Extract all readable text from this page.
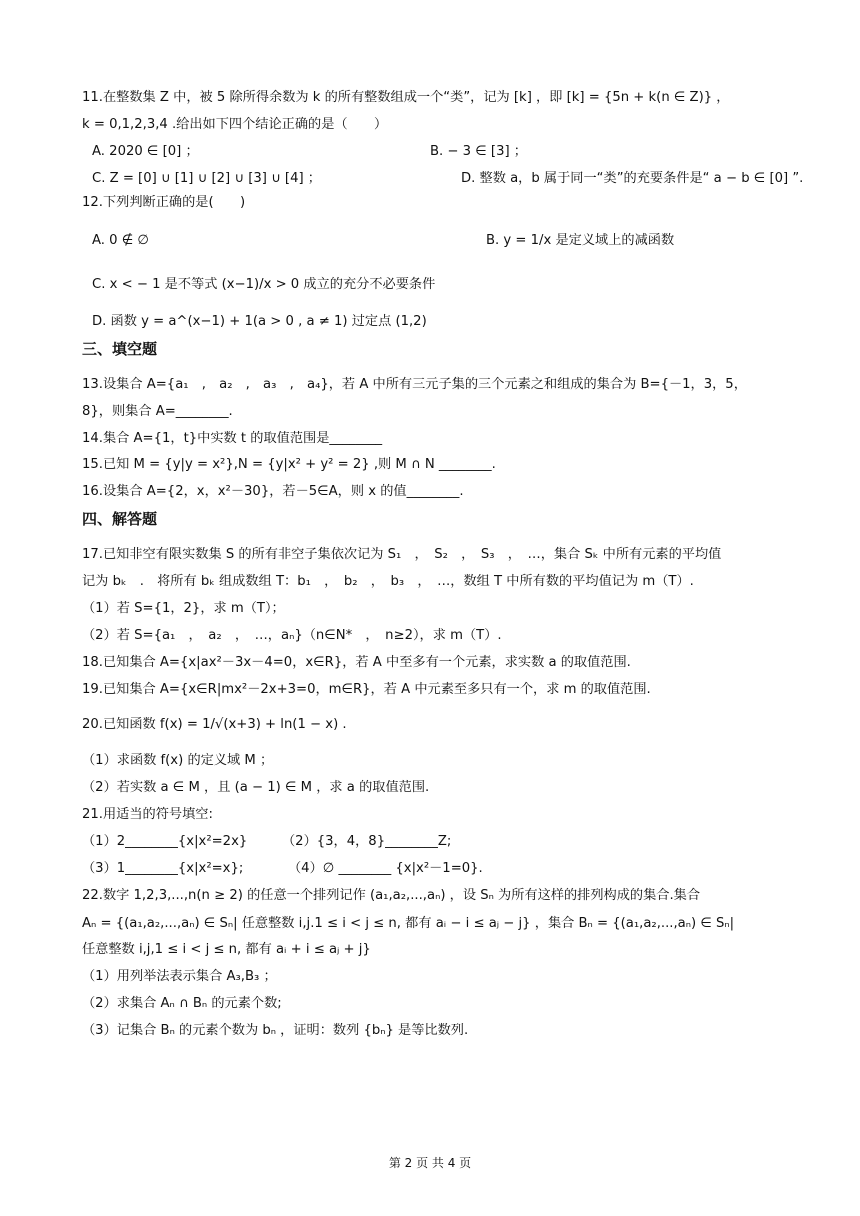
11.在整数集 Z 中，被 5 除所得余数为 k 的所有整数组成一个“类”，记为 [k] ，即 [k] = {5n + k(n ∈ Z)} ，
k = 0,1,2,3,4 .给出如下四个结论正确的是（　　）
A. 2020 ∈ [0] ；	B. − 3 ∈ [3] ；
C. Z = [0] ∪ [1] ∪ [2] ∪ [3] ∪ [4] ；	D. 整数 a，b 属于同一“类”的充要条件是“ a − b ∈ [0] ”.
12.下列判断正确的是(　　)
A. 0 ∉ ∅	B. y = 1/x 是定义域上的减函数
C. x < − 1 是不等式 (x−1)/x > 0 成立的充分不必要条件
D. 函数 y = a^(x−1) + 1(a > 0 , a ≠ 1) 过定点 (1,2)
三、填空题
13.设集合 A={a₁　,　a₂　,　a₃　,　a₄}，若 A 中所有三元子集的三个元素之和组成的集合为 B={－1，3，5，
8}，则集合 A=________.
14.集合 A={1，t}中实数 t 的取值范围是________
15.已知 M = {y|y = x²},N = {y|x² + y² = 2} ,则 M ∩ N ________.
16.设集合 A={2，x，x²－30}，若－5∈A，则 x 的值________.
四、解答题
17.已知非空有限实数集 S 的所有非空子集依次记为 S₁　，　S₂　，　S₃　，　…，集合 Sₖ 中所有元素的平均值
记为 bₖ　.　将所有 bₖ 组成数组 T：b₁　，　b₂　，　b₃　，　…，数组 T 中所有数的平均值记为 m（T）.
（1）若 S={1，2}，求 m（T）；
（2）若 S={a₁　，　a₂　，　…，aₙ}（n∈N*　，　n≥2），求 m（T）.
18.已知集合 A={x|ax²－3x－4=0，x∈R}，若 A 中至多有一个元素，求实数 a 的取值范围.
19.已知集合 A={x∈R|mx²－2x+3=0，m∈R}，若 A 中元素至多只有一个，求 m 的取值范围.
20.已知函数 f(x) = 1/√(x+3) + ln(1 − x) .
（1）求函数 f(x) 的定义域 M ；
（2）若实数 a ∈ M ，且 (a − 1) ∈ M ，求 a 的取值范围.
21.用适当的符号填空:
（1）2________{x|x²=2x}	（2）{3，4，8}________Z;
（3）1________{x|x²=x};	（4）∅ ________ {x|x²－1=0}.
22.数字 1,2,3,...,n(n ≥ 2) 的任意一个排列记作 (a₁,a₂,...,aₙ) ，设 Sₙ 为所有这样的排列构成的集合.集合
Aₙ = {(a₁,a₂,...,aₙ) ∈ Sₙ| 任意整数 i,j.1 ≤ i < j ≤ n, 都有 aᵢ − i ≤ aⱼ − j} ，集合 Bₙ = {(a₁,a₂,...,aₙ) ∈ Sₙ|
任意整数 i,j,1 ≤ i < j ≤ n, 都有 aᵢ + i ≤ aⱼ + j}
（1）用列举法表示集合 A₃,B₃ ；
（2）求集合 Aₙ ∩ Bₙ 的元素个数;
（3）记集合 Bₙ 的元素个数为 bₙ ，证明：数列 {bₙ} 是等比数列.
第 2 页 共 4 页
